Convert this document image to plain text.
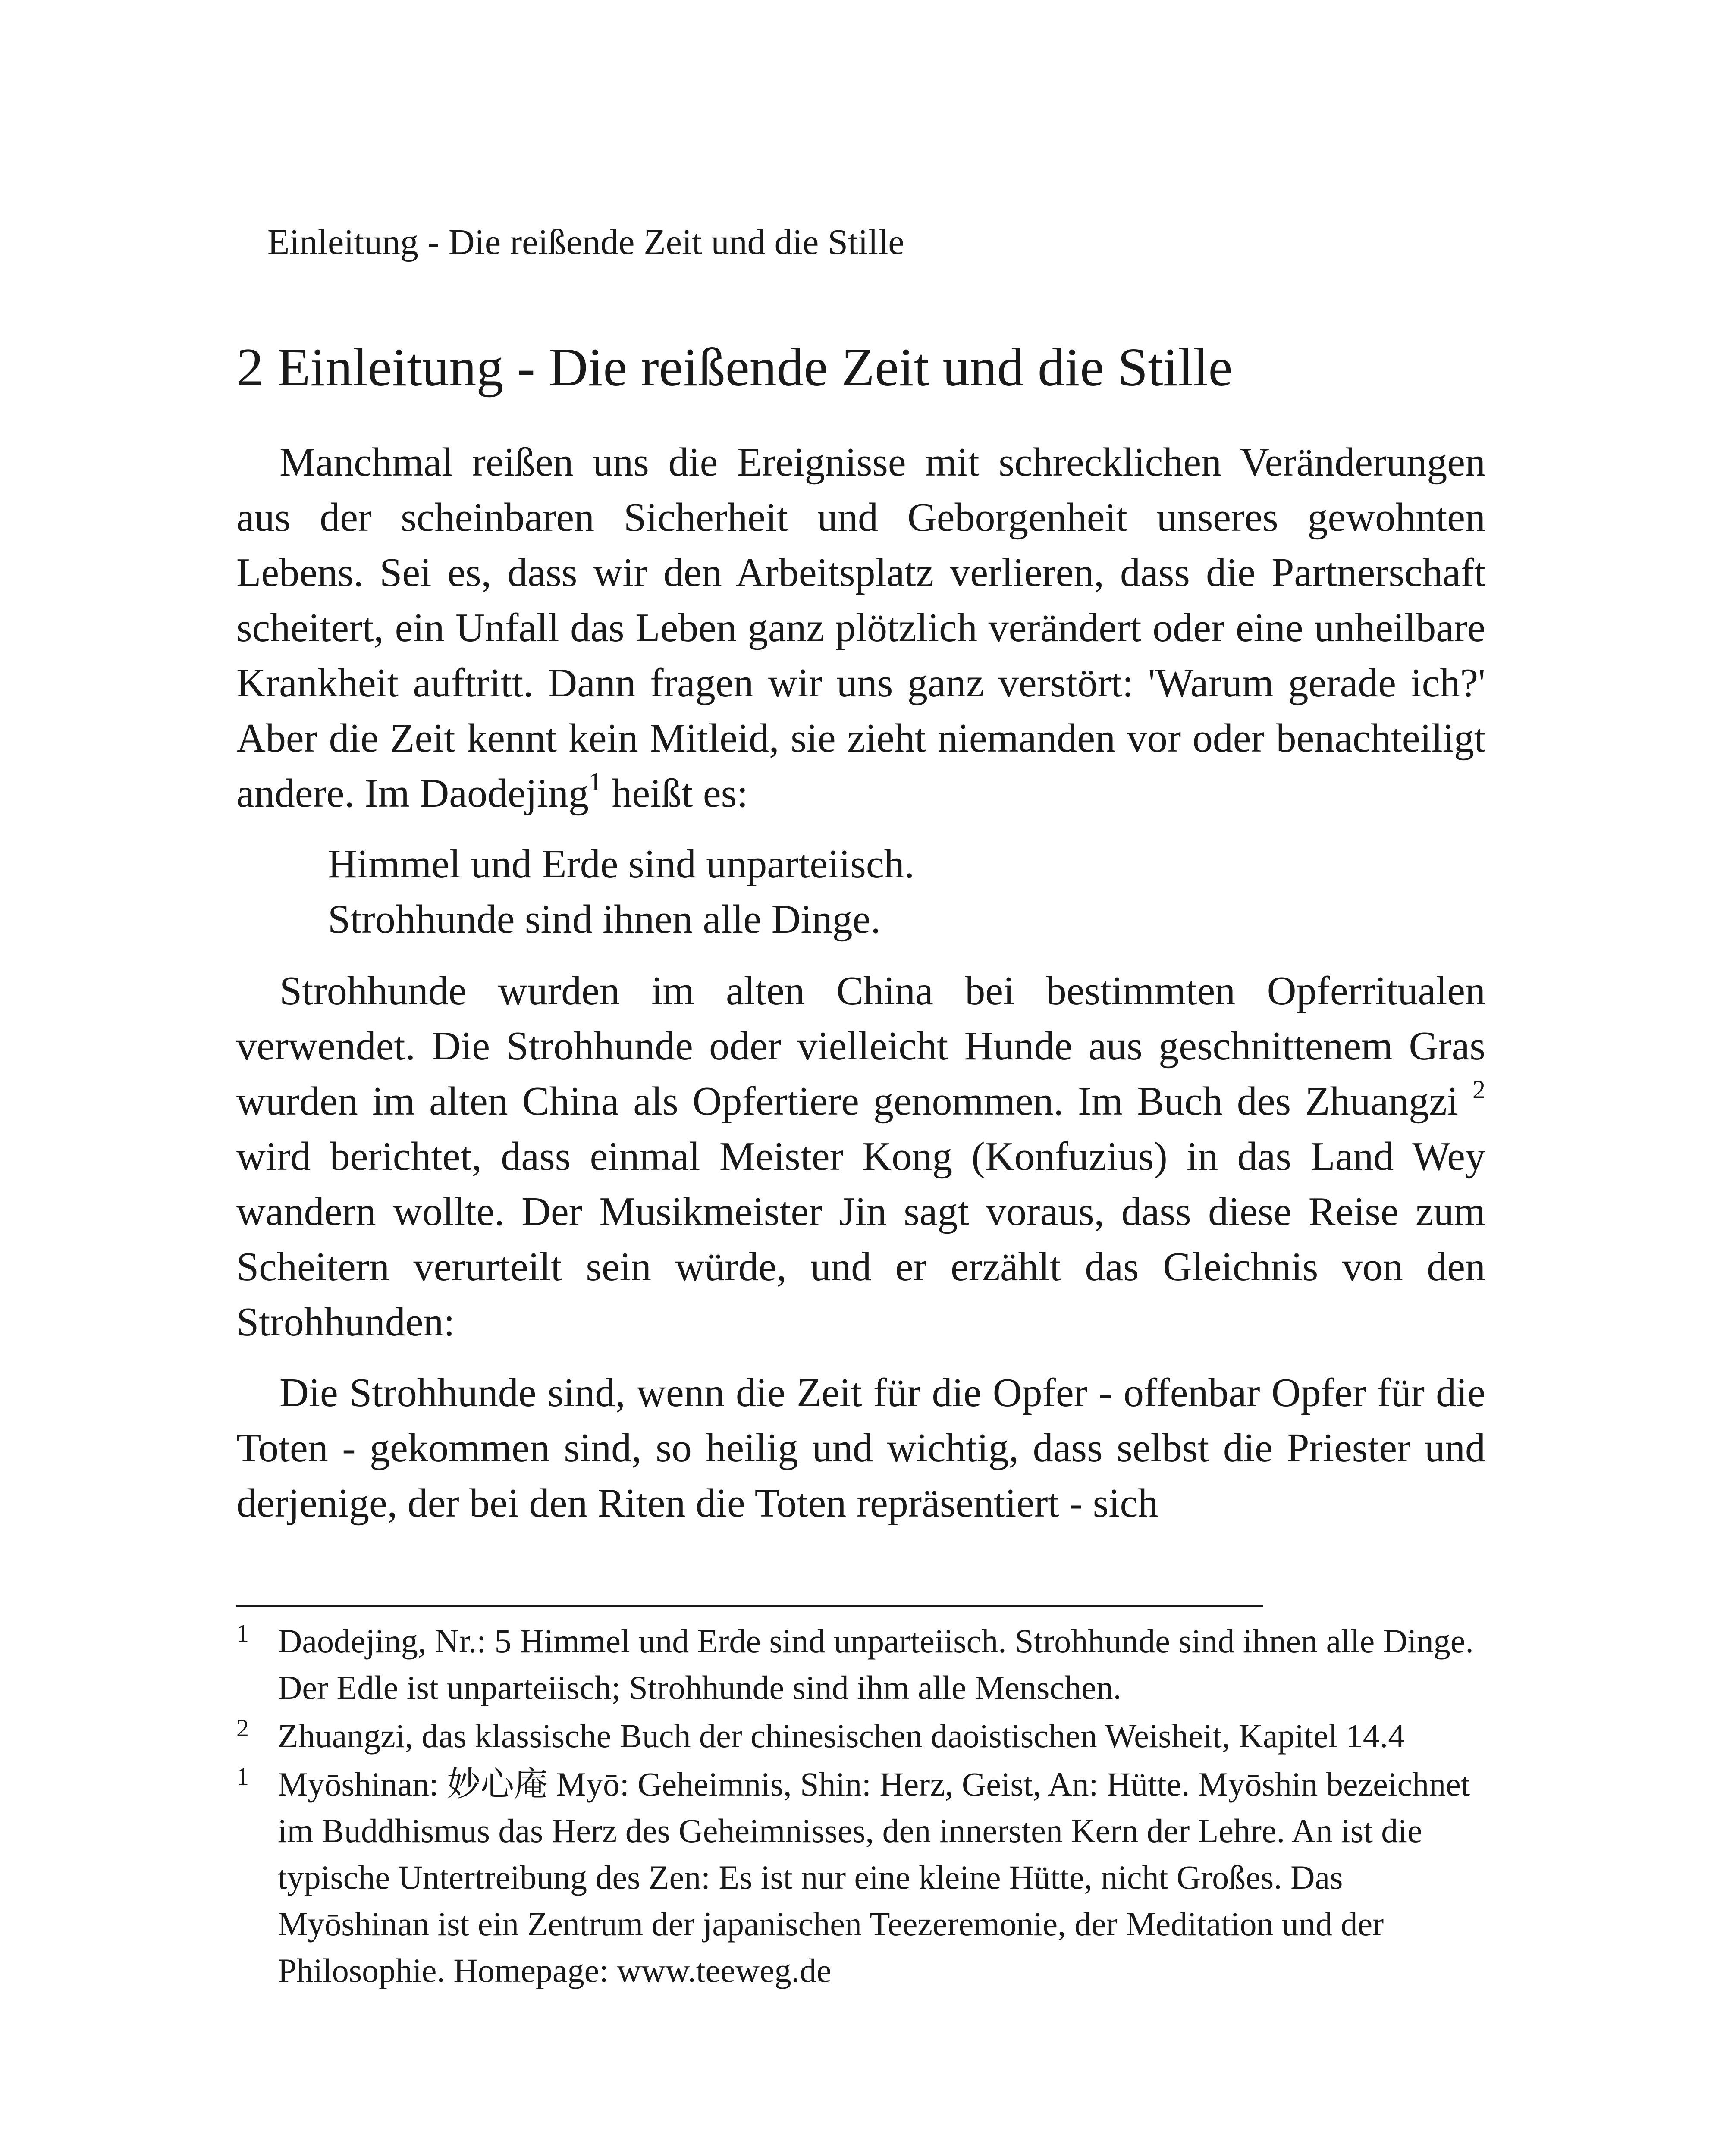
Einleitung - Die reißende Zeit und die Stille
2 Einleitung - Die reißende Zeit und die Stille

Manchmal reißen uns die Ereignisse mit schrecklichen Veränderungen aus der scheinbaren Sicherheit und Geborgenheit unseres gewohnten Lebens. Sei es, dass wir den Arbeitsplatz verlieren, dass die Partnerschaft scheitert, ein Unfall das Leben ganz plötzlich verändert oder eine unheilbare Krankheit auftritt. Dann fragen wir uns ganz verstört: 'Warum gerade ich?' Aber die Zeit kennt kein Mitleid, sie zieht niemanden vor oder benachteiligt andere. Im Daodejing$^1$ heißt es:

Himmel und Erde sind unparteiisch.
Strohhunde sind ihnen alle Dinge.

Strohhunde wurden im alten China bei bestimmten Opferritualen verwendet. Die Strohhunde oder vielleicht Hunde aus geschnittenem Gras wurden im alten China als Opfertiere genommen. Im Buch des Zhuangzi $^2$ wird berichtet, dass einmal Meister Kong (Konfuzius) in das Land Wey wandern wollte. Der Musikmeister Jin sagt voraus, dass diese Reise zum Scheitern verurteilt sein würde, und er erzählt das Gleichnis von den Strohhunden:

Die Strohhunde sind, wenn die Zeit für die Opfer - offenbar Opfer für die Toten - gekommen sind, so heilig und wichtig, dass selbst die Priester und derjenige, der bei den Riten die Toten repräsentiert - sich

1 Daodejing, Nr.: 5 Himmel und Erde sind unparteiisch. Strohhunde sind ihnen alle Dinge. Der Edle ist unparteiisch; Strohhunde sind ihm alle Menschen.
2 Zhuangzi, das klassische Buch der chinesischen daoistischen Weisheit, Kapitel 14.4
1 Myōshinan: 妙心庵 Myō: Geheimnis, Shin: Herz, Geist, An: Hütte. Myōshin bezeichnet im Buddhismus das Herz des Geheimnisses, den innersten Kern der Lehre. An ist die typische Untertreibung des Zen: Es ist nur eine kleine Hütte, nicht Großes. Das Myōshinan ist ein Zentrum der japanischen Teezeremonie, der Meditation und der Philosophie. Homepage: www.teeweg.de
